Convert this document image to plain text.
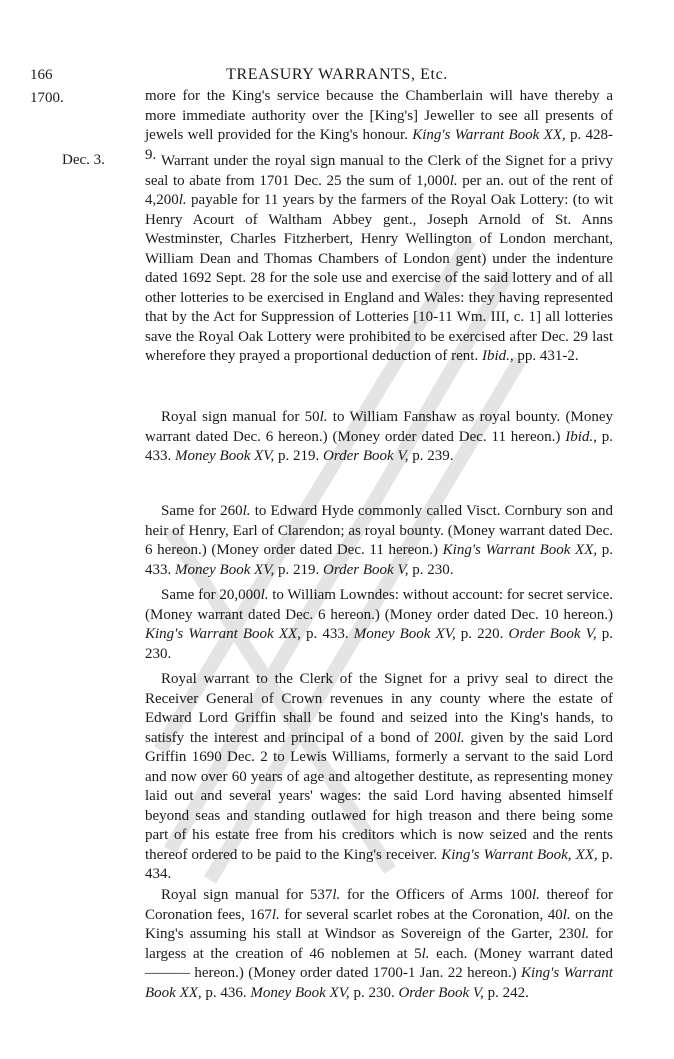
166
1700.
TREASURY WARRANTS, Etc.

more for the King's service because the Chamberlain will have thereby a more immediate authority over the [King's] Jeweller to see all presents of jewels well provided for the King's honour. King's Warrant Book XX, p. 428-9.

Dec. 3.	Warrant under the royal sign manual to the Clerk of the Signet for a privy seal to abate from 1701 Dec. 25 the sum of 1,000l. per an. out of the rent of 4,200l. payable for 11 years by the farmers of the Royal Oak Lottery: (to wit Henry Acourt of Waltham Abbey gent., Joseph Arnold of St. Anns Westminster, Charles Fitzherbert, Henry Wellington of London merchant, William Dean and Thomas Chambers of London gent) under the indenture dated 1692 Sept. 28 for the sole use and exercise of the said lottery and of all other lotteries to be exercised in England and Wales: they having represented that by the Act for Suppression of Lotteries [10-11 Wm. III, c. 1] all lotteries save the Royal Oak Lottery were prohibited to be exercised after Dec. 29 last wherefore they prayed a proportional deduction of rent. Ibid., pp. 431-2.

Royal sign manual for 50l. to William Fanshaw as royal bounty. (Money warrant dated Dec. 6 hereon.) (Money order dated Dec. 11 hereon.) Ibid., p. 433. Money Book XV, p. 219. Order Book V, p. 239.

Same for 260l. to Edward Hyde commonly called Visct. Cornbury son and heir of Henry, Earl of Clarendon; as royal bounty. (Money warrant dated Dec. 6 hereon.) (Money order dated Dec. 11 hereon.) King's Warrant Book XX, p. 433. Money Book XV, p. 219. Order Book V, p. 230.

Same for 20,000l. to William Lowndes: without account: for secret service. (Money warrant dated Dec. 6 hereon.) (Money order dated Dec. 10 hereon.) King's Warrant Book XX, p. 433. Money Book XV, p. 220. Order Book V, p. 230.

Royal warrant to the Clerk of the Signet for a privy seal to direct the Receiver General of Crown revenues in any county where the estate of Edward Lord Griffin shall be found and seized into the King's hands, to satisfy the interest and principal of a bond of 200l. given by the said Lord Griffin 1690 Dec. 2 to Lewis Williams, formerly a servant to the said Lord and now over 60 years of age and altogether destitute, as representing money laid out and several years' wages: the said Lord having absented himself beyond seas and standing outlawed for high treason and there being some part of his estate free from his creditors which is now seized and the rents thereof ordered to be paid to the King's receiver. King's Warrant Book, XX, p. 434.

Royal sign manual for 537l. for the Officers of Arms 100l. thereof for Coronation fees, 167l. for several scarlet robes at the Coronation, 40l. on the King's assuming his stall at Windsor as Sovereign of the Garter, 230l. for largess at the creation of 46 noblemen at 5l. each. (Money warrant dated ——— hereon.) (Money order dated 1700-1 Jan. 22 hereon.) King's Warrant Book XX, p. 436. Money Book XV, p. 230. Order Book V, p. 242.
